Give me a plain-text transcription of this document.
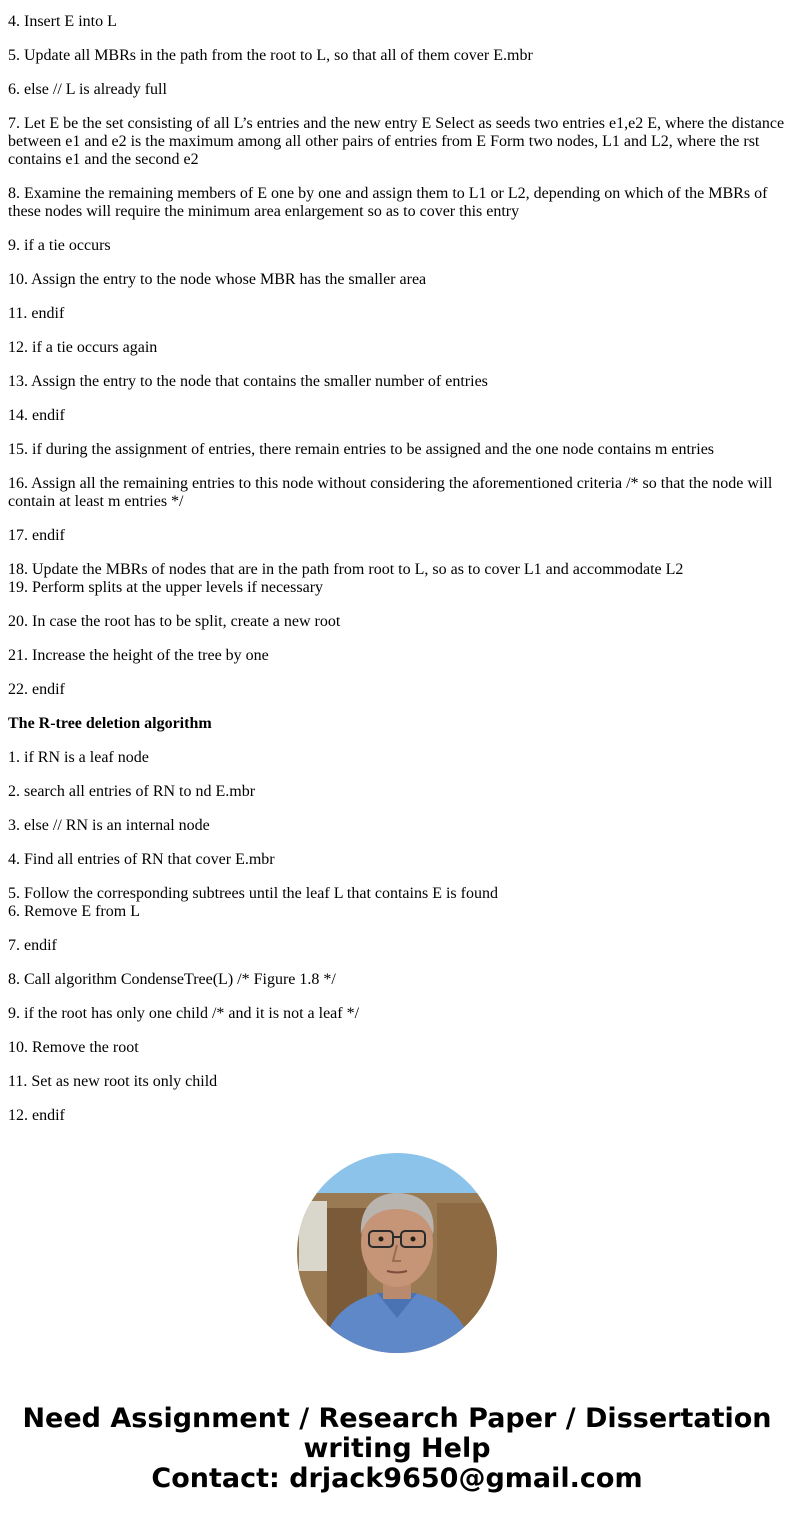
4. Insert E into L

5. Update all MBRs in the path from the root to L, so that all of them cover E.mbr

6. else // L is already full

7. Let E be the set consisting of all L’s entries and the new entry E Select as seeds two entries e1,e2 E, where the distance between e1 and e2 is the maximum among all other pairs of entries from E Form two nodes, L1 and L2, where the rst contains e1 and the second e2

8. Examine the remaining members of E one by one and assign them to L1 or L2, depending on which of the MBRs of these nodes will require the minimum area enlargement so as to cover this entry

9. if a tie occurs

10. Assign the entry to the node whose MBR has the smaller area

11. endif

12. if a tie occurs again

13. Assign the entry to the node that contains the smaller number of entries

14. endif

15. if during the assignment of entries, there remain entries to be assigned and the one node contains m entries

16. Assign all the remaining entries to this node without considering the aforementioned criteria /* so that the node will contain at least m entries */

17. endif

18. Update the MBRs of nodes that are in the path from root to L, so as to cover L1 and accommodate L2
19. Perform splits at the upper levels if necessary

20. In case the root has to be split, create a new root

21. Increase the height of the tree by one

22. endif

The R-tree deletion algorithm

1. if RN is a leaf node

2. search all entries of RN to nd E.mbr

3. else // RN is an internal node

4. Find all entries of RN that cover E.mbr

5. Follow the corresponding subtrees until the leaf L that contains E is found
6. Remove E from L

7. endif

8. Call algorithm CondenseTree(L) /* Figure 1.8 */

9. if the root has only one child /* and it is not a leaf */

10. Remove the root

11. Set as new root its only child

12. endif

Need Assignment / Research Paper / Dissertation
writing Help
Contact: drjack9650@gmail.com
